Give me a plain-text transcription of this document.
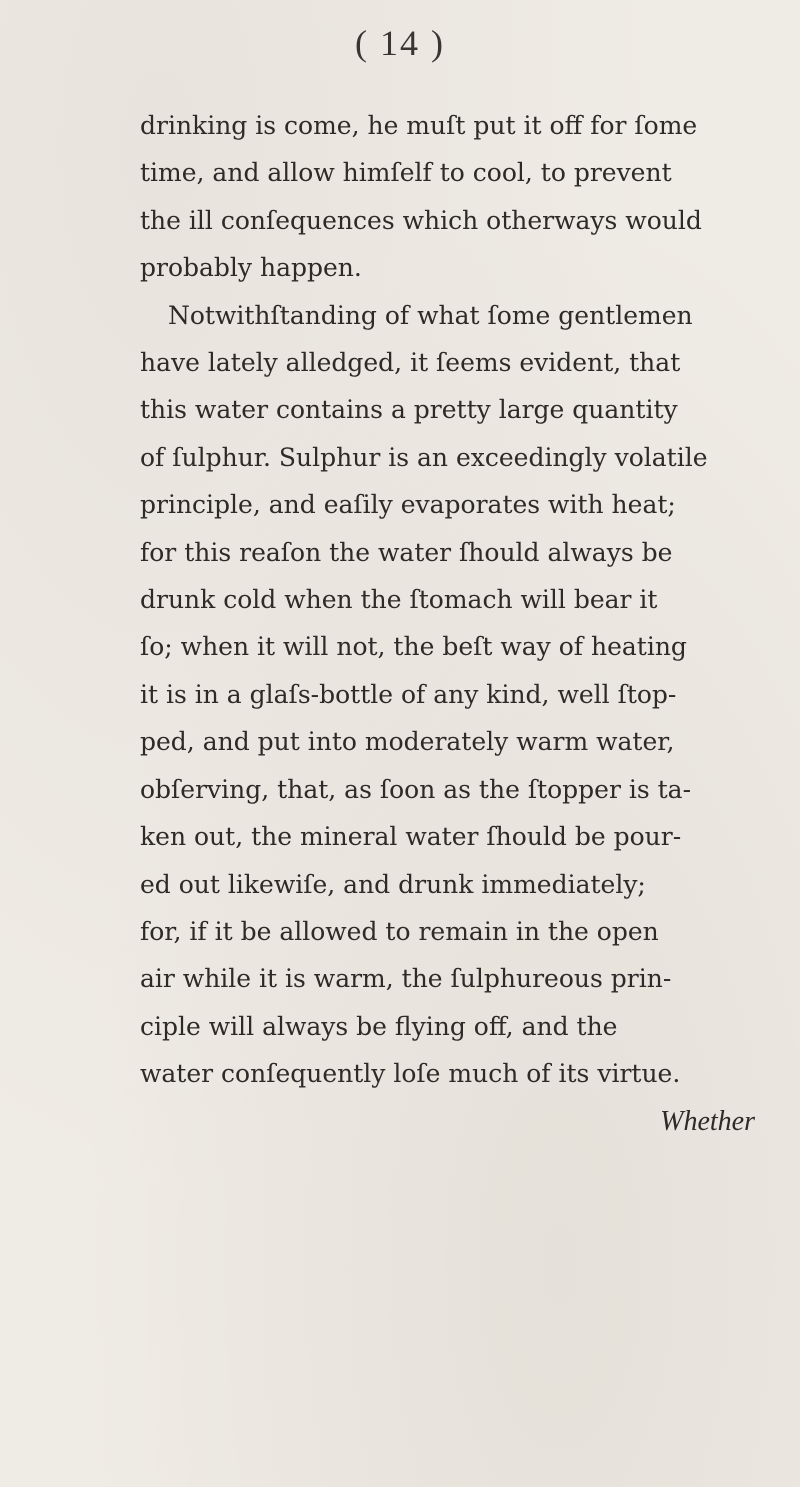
( 14 )
drinking is come, he muſt put it off for ſome
time, and allow himſelf to cool, to prevent
the ill conſequences which otherways would
probably happen.
Notwithſtanding of what ſome gentlemen
have lately alledged, it ſeems evident, that
this water contains a pretty large quantity
of ſulphur. Sulphur is an exceedingly volatile
principle, and eaſily evaporates with heat;
for this reaſon the water ſhould always be
drunk cold when the ſtomach will bear it
ſo; when it will not, the beſt way of heating
it is in a glaſs-bottle of any kind, well ſtop-
ped, and put into moderately warm water,
obſerving, that, as ſoon as the ſtopper is ta-
ken out, the mineral water ſhould be pour-
ed out likewiſe, and drunk immediately;
for, if it be allowed to remain in the open
air while it is warm, the ſulphureous prin-
ciple will always be flying off, and the
water conſequently loſe much of its virtue.
Whether
